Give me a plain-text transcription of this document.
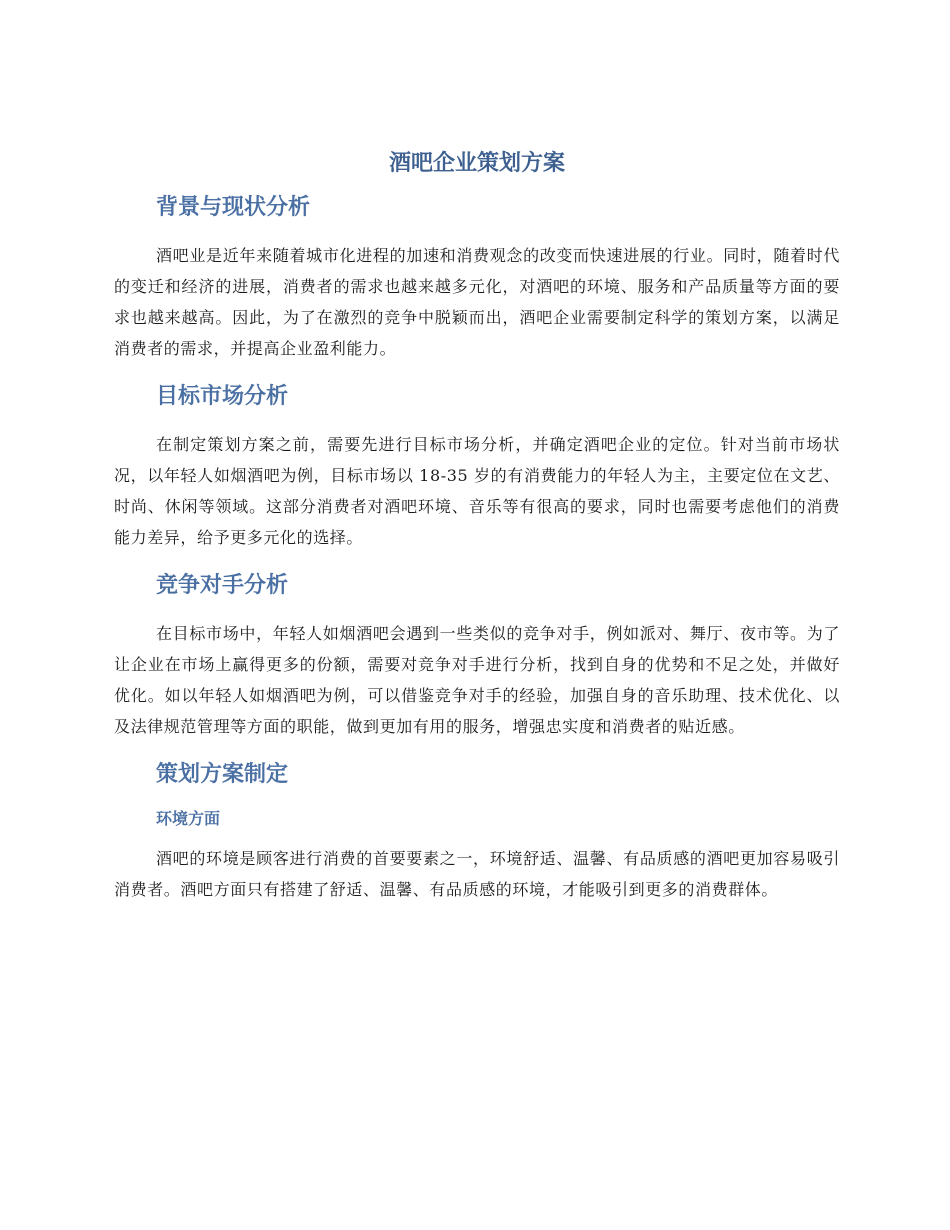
酒吧企业策划方案
背景与现状分析

酒吧业是近年来随着城市化进程的加速和消费观念的改变而快速进展的行业。同时，随着时代的变迁和经济的进展，消费者的需求也越来越多元化，对酒吧的环境、服务和产品质量等方面的要求也越来越高。因此，为了在激烈的竞争中脱颖而出，酒吧企业需要制定科学的策划方案，以满足消费者的需求，并提高企业盈利能力。

目标市场分析

在制定策划方案之前，需要先进行目标市场分析，并确定酒吧企业的定位。针对当前市场状况，以年轻人如烟酒吧为例，目标市场以 18-35 岁的有消费能力的年轻人为主，主要定位在文艺、时尚、休闲等领域。这部分消费者对酒吧环境、音乐等有很高的要求，同时也需要考虑他们的消费能力差异，给予更多元化的选择。

竞争对手分析

在目标市场中，年轻人如烟酒吧会遇到一些类似的竞争对手，例如派对、舞厅、夜市等。为了让企业在市场上赢得更多的份额，需要对竞争对手进行分析，找到自身的优势和不足之处，并做好优化。如以年轻人如烟酒吧为例，可以借鉴竞争对手的经验，加强自身的音乐助理、技术优化、以及法律规范管理等方面的职能，做到更加有用的服务，增强忠实度和消费者的贴近感。

策划方案制定
环境方面

酒吧的环境是顾客进行消费的首要要素之一，环境舒适、温馨、有品质感的酒吧更加容易吸引消费者。酒吧方面只有搭建了舒适、温馨、有品质感的环境，才能吸引到更多的消费群体。
